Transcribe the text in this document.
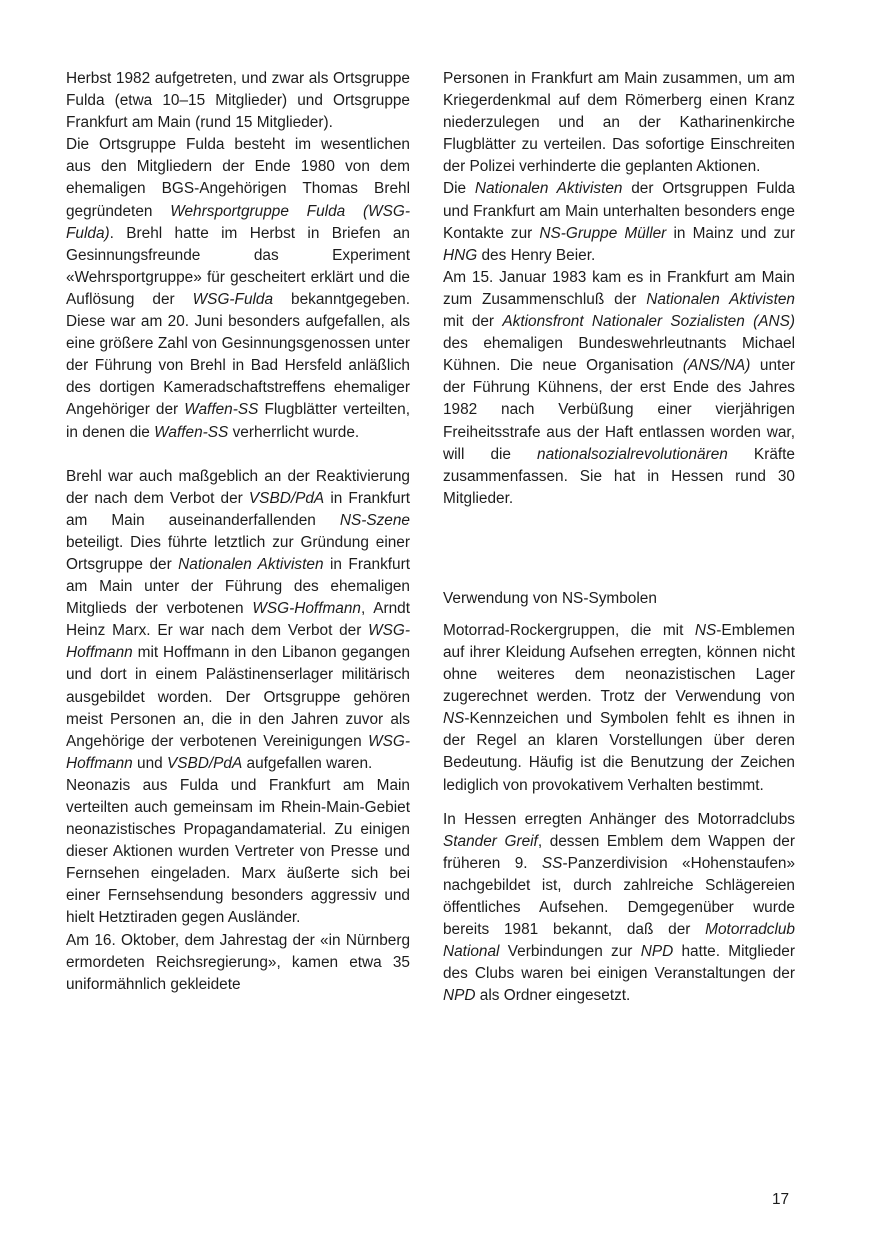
Herbst 1982 aufgetreten, und zwar als Ortsgruppe Fulda (etwa 10–15 Mitglieder) und Ortsgruppe Frankfurt am Main (rund 15 Mitglieder).

Die Ortsgruppe Fulda besteht im wesentlichen aus den Mitgliedern der Ende 1980 von dem ehemaligen BGS-Angehörigen Thomas Brehl gegründeten Wehrsportgruppe Fulda (WSG-Fulda). Brehl hatte im Herbst in Briefen an Gesinnungsfreunde das Experiment «Wehrsportgruppe» für gescheitert erklärt und die Auflösung der WSG-Fulda bekanntgegeben. Diese war am 20. Juni besonders aufgefallen, als eine größere Zahl von Gesinnungsgenossen unter der Führung von Brehl in Bad Hersfeld anläßlich des dortigen Kameradschaftstreffens ehemaliger Angehöriger der Waffen-SS Flugblätter verteilten, in denen die Waffen-SS verherrlicht wurde.

Brehl war auch maßgeblich an der Reaktivierung der nach dem Verbot der VSBD/PdA in Frankfurt am Main auseinanderfallenden NS-Szene beteiligt. Dies führte letztlich zur Gründung einer Ortsgruppe der Nationalen Aktivisten in Frankfurt am Main unter der Führung des ehemaligen Mitglieds der verbotenen WSG-Hoffmann, Arndt Heinz Marx. Er war nach dem Verbot der WSG-Hoffmann mit Hoffmann in den Libanon gegangen und dort in einem Palästinenserlager militärisch ausgebildet worden. Der Ortsgruppe gehören meist Personen an, die in den Jahren zuvor als Angehörige der verbotenen Vereinigungen WSG-Hoffmann und VSBD/PdA aufgefallen waren.

Neonazis aus Fulda und Frankfurt am Main verteilten auch gemeinsam im Rhein-Main-Gebiet neonazistisches Propagandamaterial. Zu einigen dieser Aktionen wurden Vertreter von Presse und Fernsehen eingeladen. Marx äußerte sich bei einer Fernsehsendung besonders aggressiv und hielt Hetztiraden gegen Ausländer.

Am 16. Oktober, dem Jahrestag der «in Nürnberg ermordeten Reichsregierung», kamen etwa 35 uniformähnlich gekleidete

Personen in Frankfurt am Main zusammen, um am Kriegerdenkmal auf dem Römerberg einen Kranz niederzulegen und an der Katharinenkirche Flugblätter zu verteilen. Das sofortige Einschreiten der Polizei verhinderte die geplanten Aktionen.

Die Nationalen Aktivisten der Ortsgruppen Fulda und Frankfurt am Main unterhalten besonders enge Kontakte zur NS-Gruppe Müller in Mainz und zur HNG des Henry Beier.

Am 15. Januar 1983 kam es in Frankfurt am Main zum Zusammenschluß der Nationalen Aktivisten mit der Aktionsfront Nationaler Sozialisten (ANS) des ehemaligen Bundeswehrleutnants Michael Kühnen. Die neue Organisation (ANS/NA) unter der Führung Kühnens, der erst Ende des Jahres 1982 nach Verbüßung einer vierjährigen Freiheitsstrafe aus der Haft entlassen worden war, will die nationalsozialrevolutionären Kräfte zusammenfassen. Sie hat in Hessen rund 30 Mitglieder.

Verwendung von NS-Symbolen

Motorrad-Rockergruppen, die mit NS-Emblemen auf ihrer Kleidung Aufsehen erregten, können nicht ohne weiteres dem neonazistischen Lager zugerechnet werden. Trotz der Verwendung von NS-Kennzeichen und Symbolen fehlt es ihnen in der Regel an klaren Vorstellungen über deren Bedeutung. Häufig ist die Benutzung der Zeichen lediglich von provokativem Verhalten bestimmt.

In Hessen erregten Anhänger des Motorradclubs Stander Greif, dessen Emblem dem Wappen der früheren 9. SS-Panzerdivision «Hohenstaufen» nachgebildet ist, durch zahlreiche Schlägereien öffentliches Aufsehen. Demgegenüber wurde bereits 1981 bekannt, daß der Motorradclub National Verbindungen zur NPD hatte. Mitglieder des Clubs waren bei einigen Veranstaltungen der NPD als Ordner eingesetzt.

17
